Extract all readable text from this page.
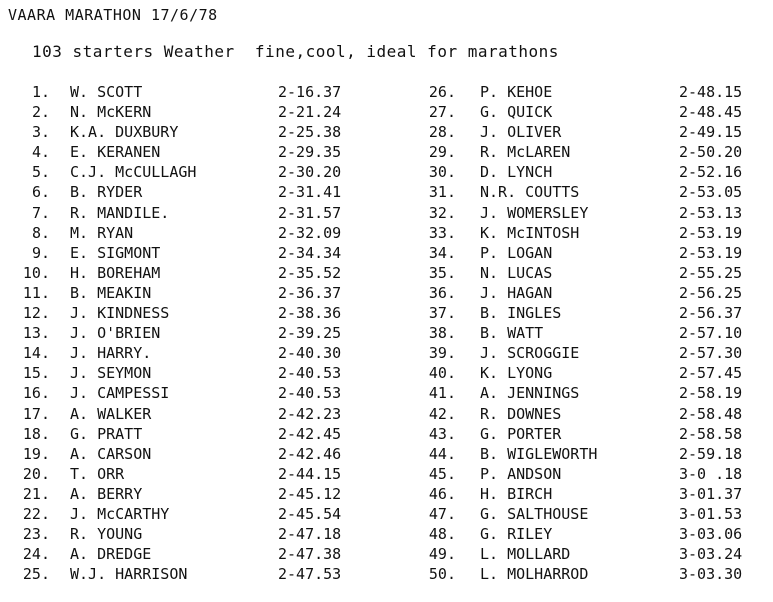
VAARA MARATHON 17/6/78
103 starters Weather  fine,cool, ideal for marathons
1. W. SCOTT	2-16.37
2. N. McKERN	2-21.24
3. K.A. DUXBURY	2-25.38
4. E. KERANEN	2-29.35
5. C.J. McCULLAGH	2-30.20
6. B. RYDER	2-31.41
7. R. MANDILE.	2-31.57
8. M. RYAN	2-32.09
9. E. SIGMONT	2-34.34
10. H. BOREHAM	2-35.52
11. B. MEAKIN	2-36.37
12. J. KINDNESS	2-38.36
13. J. O'BRIEN	2-39.25
14. J. HARRY.	2-40.30
15. J. SEYMON	2-40.53
16. J. CAMPESSI	2-40.53
17. A. WALKER	2-42.23
18. G. PRATT	2-42.45
19. A. CARSON	2-42.46
20. T. ORR	2-44.15
21. A. BERRY	2-45.12
22. J. McCARTHY	2-45.54
23. R. YOUNG	2-47.18
24. A. DREDGE	2-47.38
25. W.J. HARRISON	2-47.53
26. P. KEHOE	2-48.15
27. G. QUICK	2-48.45
28. J. OLIVER	2-49.15
29. R. McLAREN	2-50.20
30. D. LYNCH	2-52.16
31. N.R. COUTTS	2-53.05
32. J. WOMERSLEY	2-53.13
33. K. McINTOSH	2-53.19
34. P. LOGAN	2-53.19
35. N. LUCAS	2-55.25
36. J. HAGAN	2-56.25
37. B. INGLES	2-56.37
38. B. WATT	2-57.10
39. J. SCROGGIE	2-57.30
40. K. LYONG	2-57.45
41. A. JENNINGS	2-58.19
42. R. DOWNES	2-58.48
43. G. PORTER	2-58.58
44. B. WIGLEWORTH	2-59.18
45. P. ANDSON	3-0 .18
46. H. BIRCH	3-01.37
47. G. SALTHOUSE	3-01.53
48. G. RILEY	3-03.06
49. L. MOLLARD	3-03.24
50. L. MOLHARROD	3-03.30
